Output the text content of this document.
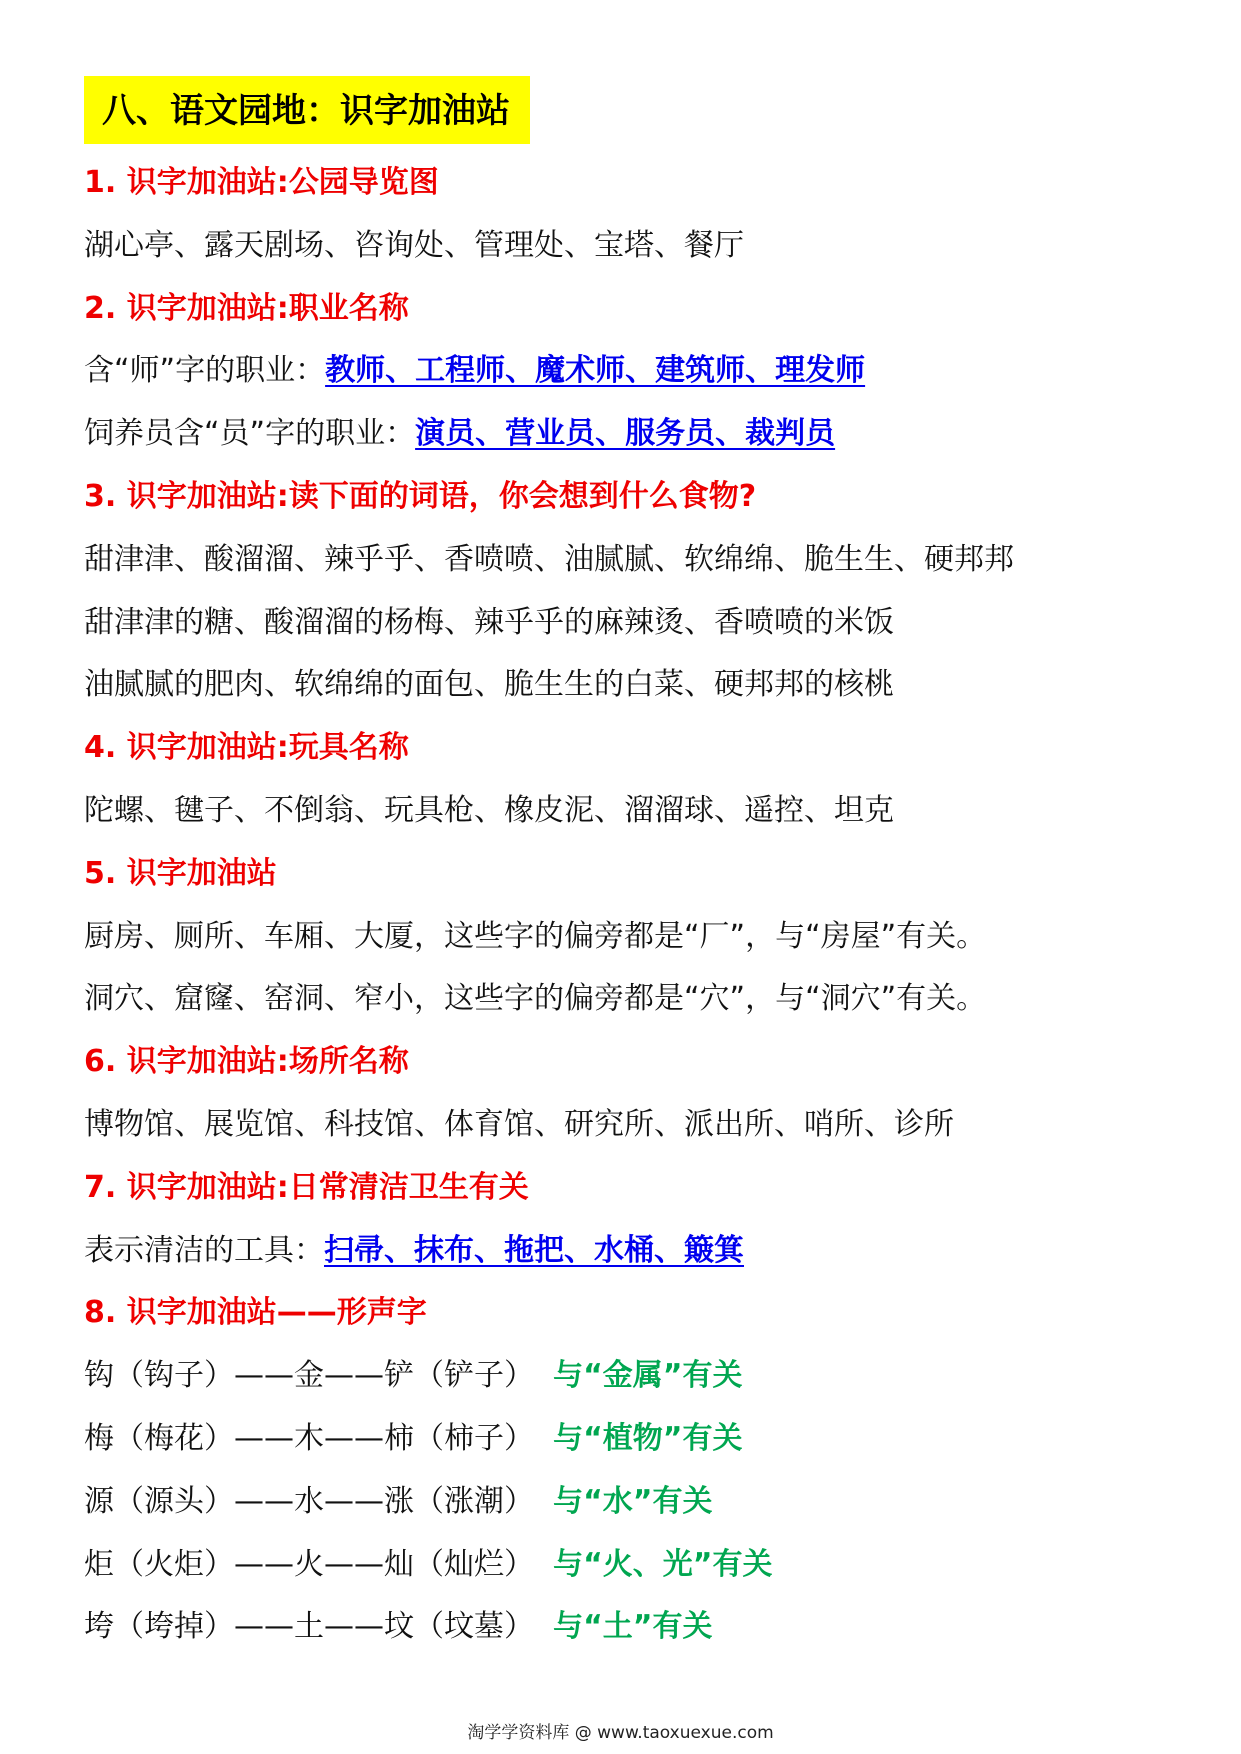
八、语文园地：识字加油站
1. 识字加油站:公园导览图
湖心亭、露天剧场、咨询处、管理处、宝塔、餐厅
2. 识字加油站:职业名称
含“师”字的职业：教师、工程师、魔术师、建筑师、理发师
饲养员含“员”字的职业：演员、营业员、服务员、裁判员
3. 识字加油站:读下面的词语，你会想到什么食物?
甜津津、酸溜溜、辣乎乎、香喷喷、油腻腻、软绵绵、脆生生、硬邦邦
甜津津的糖、酸溜溜的杨梅、辣乎乎的麻辣烫、香喷喷的米饭
油腻腻的肥肉、软绵绵的面包、脆生生的白菜、硬邦邦的核桃
4. 识字加油站:玩具名称
陀螺、毽子、不倒翁、玩具枪、橡皮泥、溜溜球、遥控、坦克
5. 识字加油站
厨房、厕所、车厢、大厦，这些字的偏旁都是“厂”，与“房屋”有关。
洞穴、窟窿、窑洞、窄小，这些字的偏旁都是“穴”，与“洞穴”有关。
6. 识字加油站:场所名称
博物馆、展览馆、科技馆、体育馆、研究所、派出所、哨所、诊所
7. 识字加油站:日常清洁卫生有关
表示清洁的工具：扫帚、抹布、拖把、水桶、簸箕
8. 识字加油站——形声字
钩（钩子）——金——铲（铲子） 与“金属”有关
梅（梅花）——木——柿（柿子） 与“植物”有关
源（源头）——水——涨（涨潮） 与“水”有关
炬（火炬）——火——灿（灿烂） 与“火、光”有关
垮（垮掉）——土——坟（坟墓） 与“土”有关
淘学学资料库 @ www.taoxuexue.com
